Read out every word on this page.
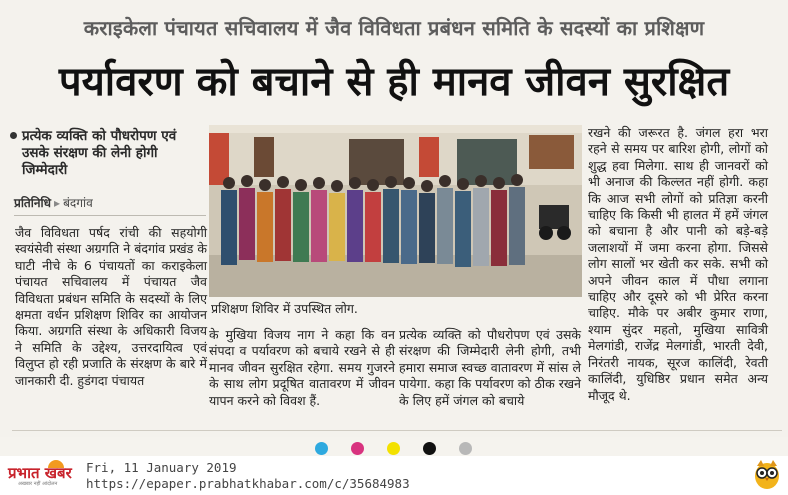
कराइकेला पंचायत सचिवालय में जैव विविधता प्रबंधन समिति के सदस्यों का प्रशिक्षण
पर्यावरण को बचाने से ही मानव जीवन सुरक्षित
प्रत्येक व्यक्ति को पौधरोपण एवं उसके संरक्षण की लेनी होगी जिम्मेदारी
प्रतिनिधि ▸ बंदगांव

जैव विविधता पर्षद रांची की सहयोगी स्वयंसेवी संस्था अग्रगति ने बंदगांव प्रखंड के घाटी नीचे के 6 पंचायतों का कराइकेला पंचायत सचिवालय में पंचायत जैव विविधता प्रबंधन समिति के सदस्यों के लिए क्षमता वर्धन प्रशिक्षण शिविर का आयोजन किया. अग्रगति संस्था के अधिकारी विजय ने समिति के उद्देश्य, उत्तरदायित्व एवं विलुप्त हो रही प्रजाति के संरक्षण के बारे में जानकारी दी. हुडंगदा पंचायत

प्रशिक्षण शिविर में उपस्थित लोग.

के मुखिया विजय नाग ने कहा कि वन संपदा व पर्यावरण को बचाये रखने से ही मानव जीवन सुरक्षित रहेगा. समय गुजरने के साथ लोग प्रदूषित वातावरण में जीवन यापन करने को विवश हैं.

प्रत्येक व्यक्ति को पौधरोपण एवं उसके संरक्षण की जिम्मेदारी लेनी होगी, तभी हमारा समाज स्वच्छ वातावरण में सांस ले पायेगा. कहा कि पर्यावरण को ठीक रखने के लिए हमें जंगल को बचाये

रखने की जरूरत है. जंगल हरा भरा रहने से समय पर बारिश होगी, लोगों को शुद्ध हवा मिलेगा. साथ ही जानवरों को भी अनाज की किल्लत नहीं होगी. कहा कि आज सभी लोगों को प्रतिज्ञा करनी चाहिए कि किसी भी हालत में हमें जंगल को बचाना है और पानी को बड़े-बड़े जलाशयों में जमा करना होगा. जिससे लोग सालों भर खेती कर सके. सभी को अपने जीवन काल में पौधा लगाना चाहिए और दूसरे को भी प्रेरित करना चाहिए. मौके पर अबीर कुमार राणा, श्याम सुंदर महतो, मुखिया सावित्री मेलगांडी, राजेंद्र मेलगांडी, भारती देवी, निरंतरी नायक, सूरज कालिंदी, रेवती कालिंदी, युधिष्ठिर प्रधान समेत अन्य मौजूद थे.

प्रभात खबर
अखबार नहीं आंदोलन
Fri, 11 January 2019
https://epaper.prabhatkhabar.com/c/35684983
